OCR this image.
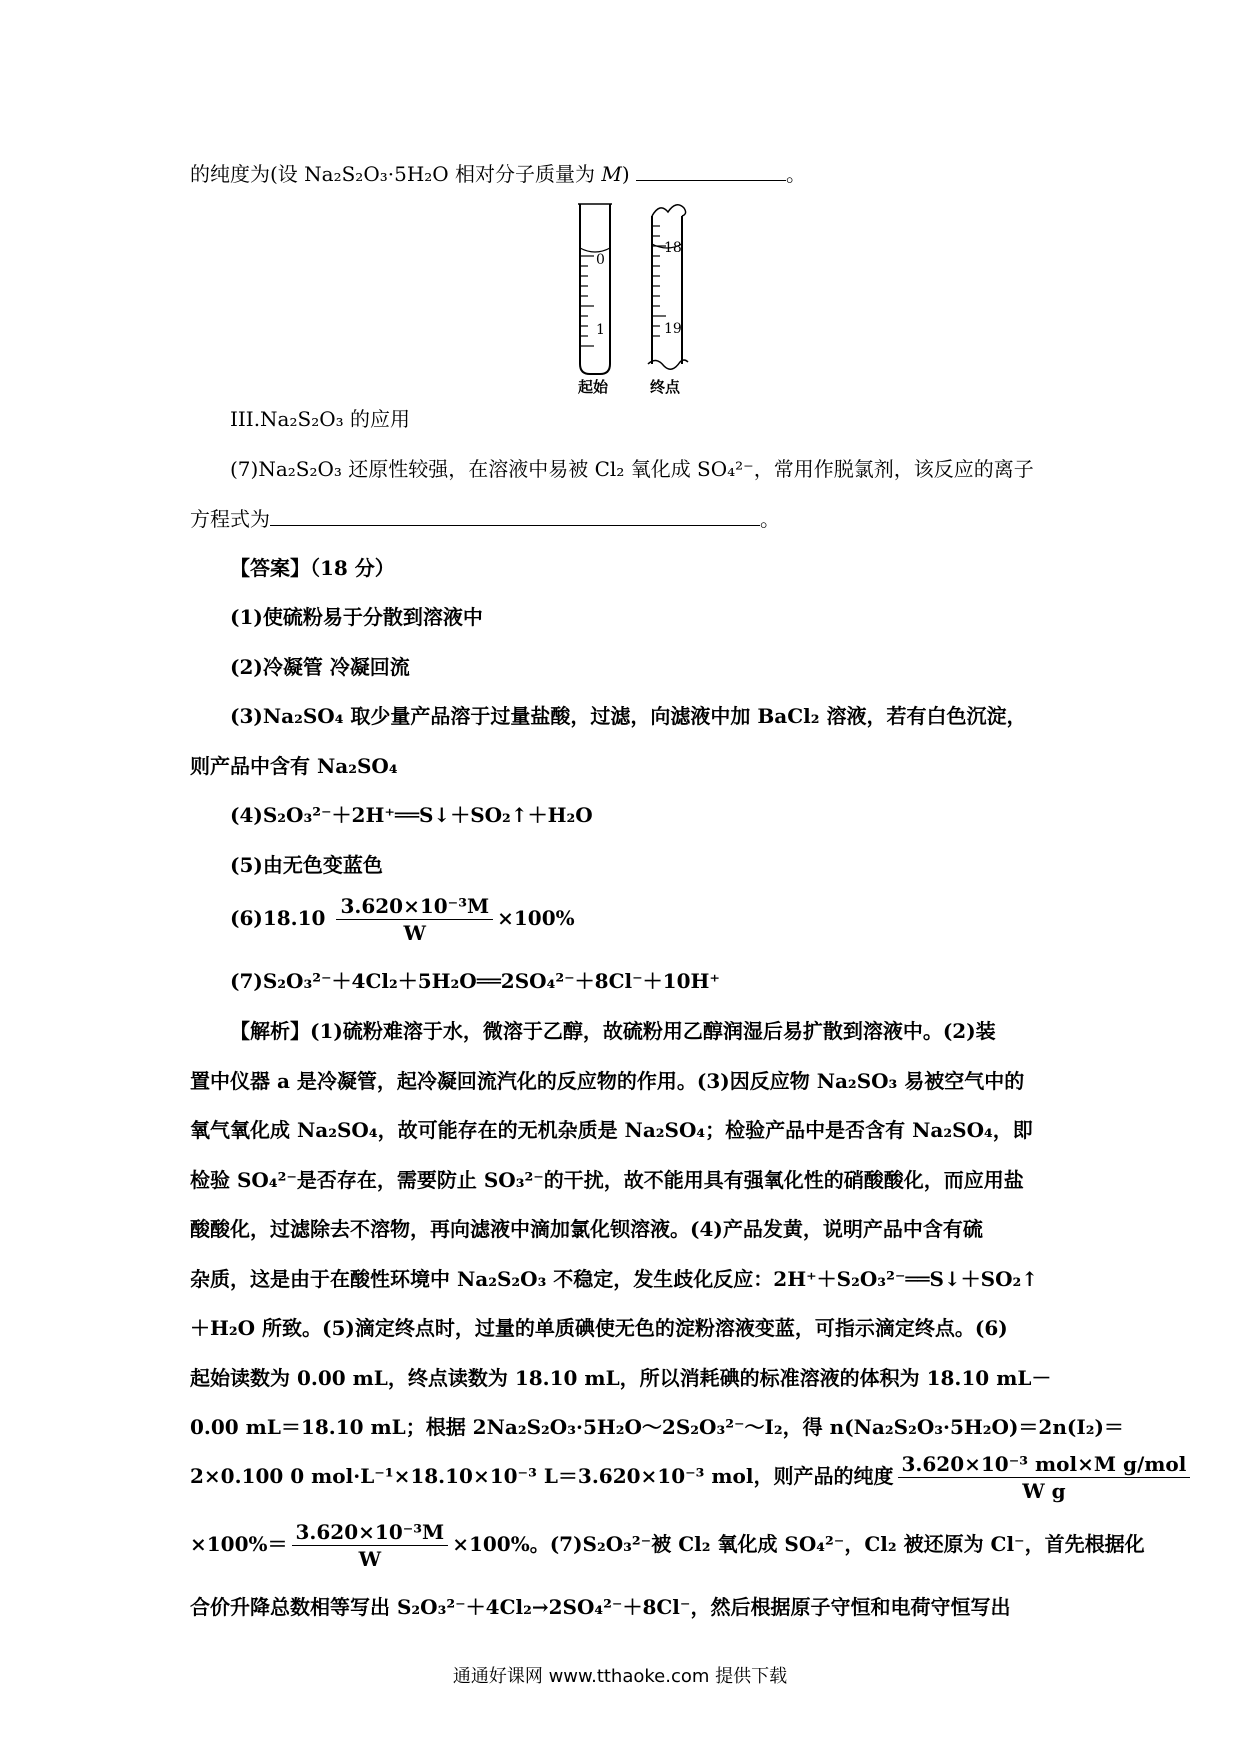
的纯度为(设 Na₂S₂O₃·5H₂O 相对分子质量为 M)	。
0
1
18
19
起始	终点
III.Na₂S₂O₃ 的应用
(7)Na₂S₂O₃ 还原性较强，在溶液中易被 Cl₂ 氧化成 SO₄²⁻，常用作脱氯剂，该反应的离子
方程式为	。
【答案】（18 分）
(1)使硫粉易于分散到溶液中
(2)冷凝管 冷凝回流
(3)Na₂SO₄ 取少量产品溶于过量盐酸，过滤，向滤液中加 BaCl₂ 溶液，若有白色沉淀，
则产品中含有 Na₂SO₄
(4)S₂O₃²⁻＋2H⁺══S↓＋SO₂↑＋H₂O
(5)由无色变蓝色
$(6)18.10 \frac{\text{3.620×10⁻³M}}{W} \times 100\%$
(7)S₂O₃²⁻＋4Cl₂＋5H₂O══2SO₄²⁻＋8Cl⁻＋10H⁺
【解析】(1)硫粉难溶于水，微溶于乙醇，故硫粉用乙醇润湿后易扩散到溶液中。(2)装
置中仪器 a 是冷凝管，起冷凝回流汽化的反应物的作用。(3)因反应物 Na₂SO₃ 易被空气中的
氧气氧化成 Na₂SO₄，故可能存在的无机杂质是 Na₂SO₄；检验产品中是否含有 Na₂SO₄，即
检验 SO₄²⁻是否存在，需要防止 SO₃²⁻的干扰，故不能用具有强氧化性的硝酸酸化，而应用盐
酸酸化，过滤除去不溶物，再向滤液中滴加氯化钡溶液。(4)产品发黄，说明产品中含有硫
杂质，这是由于在酸性环境中 Na₂S₂O₃ 不稳定，发生歧化反应：2H⁺＋S₂O₃²⁻══S↓＋SO₂↑
＋H₂O 所致。(5)滴定终点时，过量的单质碘使无色的淀粉溶液变蓝，可指示滴定终点。(6)
起始读数为 0.00 mL，终点读数为 18.10 mL，所以消耗碘的标准溶液的体积为 18.10 mL－
0.00 mL＝18.10 mL；根据 2Na₂S₂O₃·5H₂O～2S₂O₃²⁻～I₂，得 n(Na₂S₂O₃·5H₂O)＝2n(I₂)＝
2×0.100 0 mol·L⁻¹×18.10×10⁻³ L＝3.620×10⁻³ mol，则产品的纯度 $\frac{\text{3.620×10⁻³ mol×M g/mol}}{\text{W g}}$
$\times 100\%= \frac{\text{3.620×10⁻³M}}{W} \times 100\%$。(7)S₂O₃²⁻被 Cl₂ 氧化成 SO₄²⁻，Cl₂ 被还原为 Cl⁻，首先根据化
合价升降总数相等写出 S₂O₃²⁻＋4Cl₂→2SO₄²⁻＋8Cl⁻，然后根据原子守恒和电荷守恒写出
通通好课网 www.tthaoke.com 提供下载
